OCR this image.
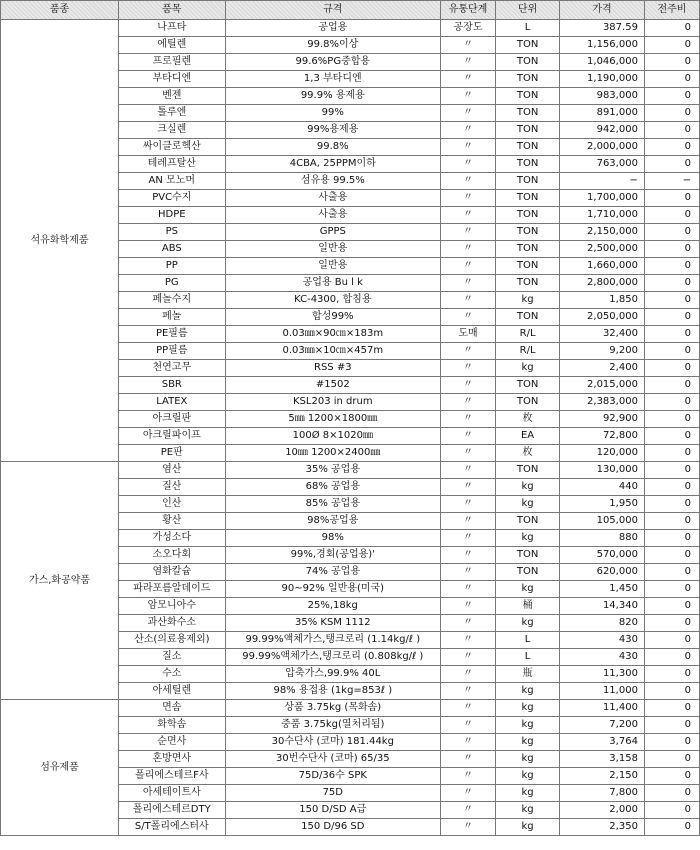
품종	품목	규격	유통단계	단위	가격	전주비
석유화학제품	나프타	공업용	공장도	L	387.59	0
	에틸렌	99.8%이상	〃	TON	1,156,000	0
	프로필렌	99.6%PG중합용	〃	TON	1,046,000	0
	부타디엔	1,3 부타디엔	〃	TON	1,190,000	0
	벤젠	99.9% 용제용	〃	TON	983,000	0
	톨루엔	99%	〃	TON	891,000	0
	크실렌	99%용제용	〃	TON	942,000	0
	싸이클로헥산	99.8%	〃	TON	2,000,000	0
	테레프탈산	4CBA, 25PPM이하	〃	TON	763,000	0
	AN 모노머	섬유용 99.5%	〃	TON	−	−
	PVC수지	사출용	〃	TON	1,700,000	0
	HDPE	사출용	〃	TON	1,710,000	0
	PS	GPPS	〃	TON	2,150,000	0
	ABS	일반용	〃	TON	2,500,000	0
	PP	일반용	〃	TON	1,660,000	0
	PG	공업용 Bu l k	〃	TON	2,800,000	0
	페놀수지	KC-4300, 합침용	〃	kg	1,850	0
	페놀	합성99%	〃	TON	2,050,000	0
	PE필름	0.03㎜×90㎝×183m	도매	R/L	32,400	0
	PP필름	0.03㎜×10㎝×457m	〃	R/L	9,200	0
	천연고무	RSS #3	〃	kg	2,400	0
	SBR	#1502	〃	TON	2,015,000	0
	LATEX	KSL203 in drum	〃	TON	2,383,000	0
	아크릴판	5㎜ 1200×1800㎜	〃	枚	92,900	0
	아크릴파이프	100Ø 8×1020㎜	〃	EA	72,800	0
	PE판	10㎜ 1200×2400㎜	〃	枚	120,000	0
가스,화공약품	염산	35% 공업용	〃	TON	130,000	0
	질산	68% 공업용	〃	kg	440	0
	인산	85% 공업용	〃	kg	1,950	0
	황산	98%공업용	〃	TON	105,000	0
	가성소다	98%	〃	kg	880	0
	소오다회	99%,경회(공업용)'	〃	TON	570,000	0
	염화칼슘	74% 공업용	〃	TON	620,000	0
	파라포름알데이드	90~92% 일반용(미국)	〃	kg	1,450	0
	암모니아수	25%,18kg	〃	桶	14,340	0
	과산화수소	35% KSM 1112	〃	kg	820	0
	산소(의료용제외)	99.99%액체가스,탱크로리 (1.14kg/ℓ )	〃	L	430	0
	질소	99.99%액체가스,탱크로리 (0.808kg/ℓ )	〃	L	430	0
	수소	압축가스,99.9% 40L	〃	瓶	11,300	0
	아세틸렌	98% 용접용 (1kg=853ℓ )	〃	kg	11,000	0
섬유제품	면솜	상품 3.75kg (목화솜)	〃	kg	11,400	0
	화학솜	중품 3.75kg(열처리됨)	〃	kg	7,200	0
	순면사	30수단사 (코마) 181.44kg	〃	kg	3,764	0
	혼방면사	30번수단사 (코마) 65/35	〃	kg	3,158	0
	폴리에스테르F사	75D/36수 SPK	〃	kg	2,150	0
	아세테이트사	75D	〃	kg	7,800	0
	폴리에스테르DTY	150 D/SD A급	〃	kg	2,000	0
	S/T폴리에스터사	150 D/96 SD	〃	kg	2,350	0
